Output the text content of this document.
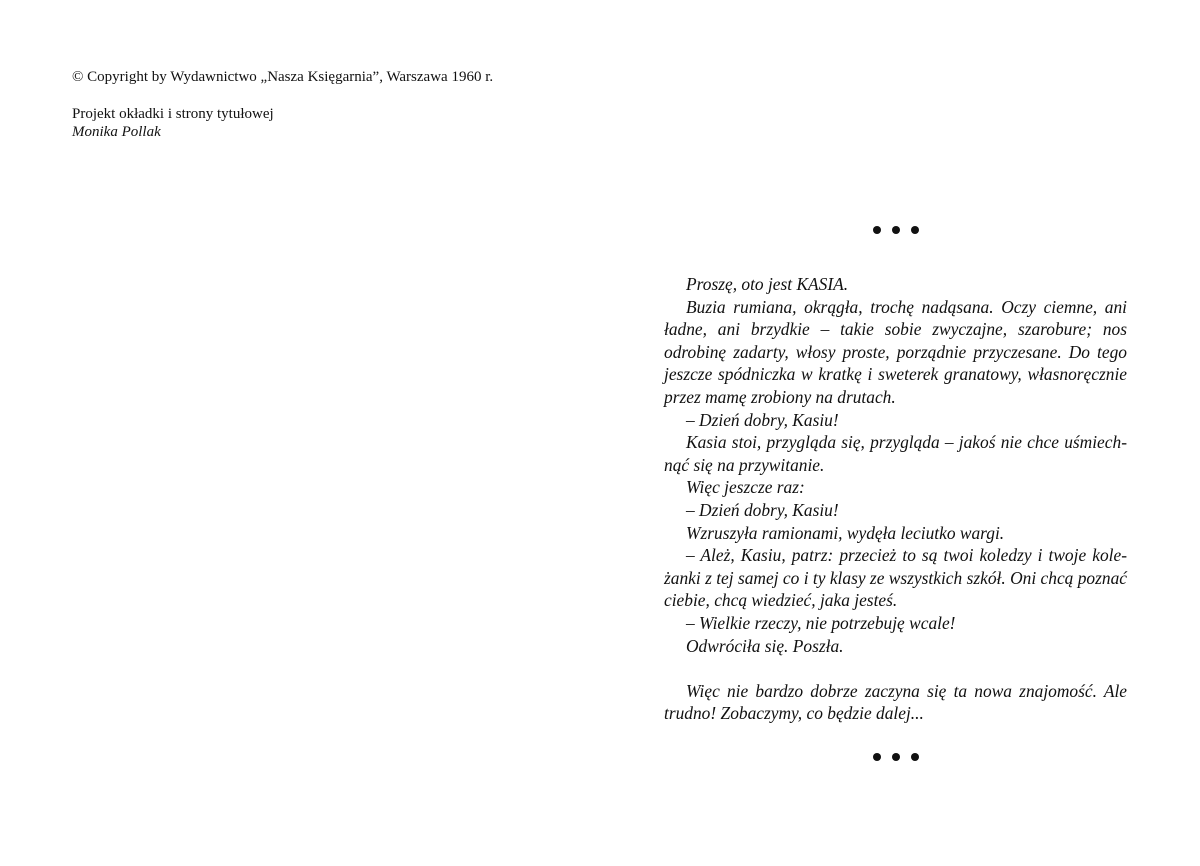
© Copyright by Wydawnictwo „Nasza Księgarnia”, Warszawa 1960 r.

Projekt okładki i strony tytułowej

Monika Pollak

Proszę, oto jest KASIA.

Buzia rumiana, okrągła, trochę nadąsana. Oczy ciemne, ani ładne, ani brzydkie – takie sobie zwyczajne, szarobure; nos odrobinę zadarty, włosy proste, porządnie przyczesane. Do tego jeszcze spódniczka w kratkę i sweterek granatowy, własnoręcznie przez mamę zrobiony na drutach.

– Dzień dobry, Kasiu!

Kasia stoi, przygląda się, przygląda – jakoś nie chce uśmiechnąć się na przywitanie.

Więc jeszcze raz:

– Dzień dobry, Kasiu!

Wzruszyła ramionami, wydęła leciutko wargi.

– Ależ, Kasiu, patrz: przecież to są twoi koledzy i twoje koleżanki z tej samej co i ty klasy ze wszystkich szkół. Oni chcą poznać ciebie, chcą wiedzieć, jaka jesteś.

– Wielkie rzeczy, nie potrzebuję wcale!

Odwróciła się. Poszła.

Więc nie bardzo dobrze zaczyna się ta nowa znajomość. Ale trudno! Zobaczymy, co będzie dalej...
